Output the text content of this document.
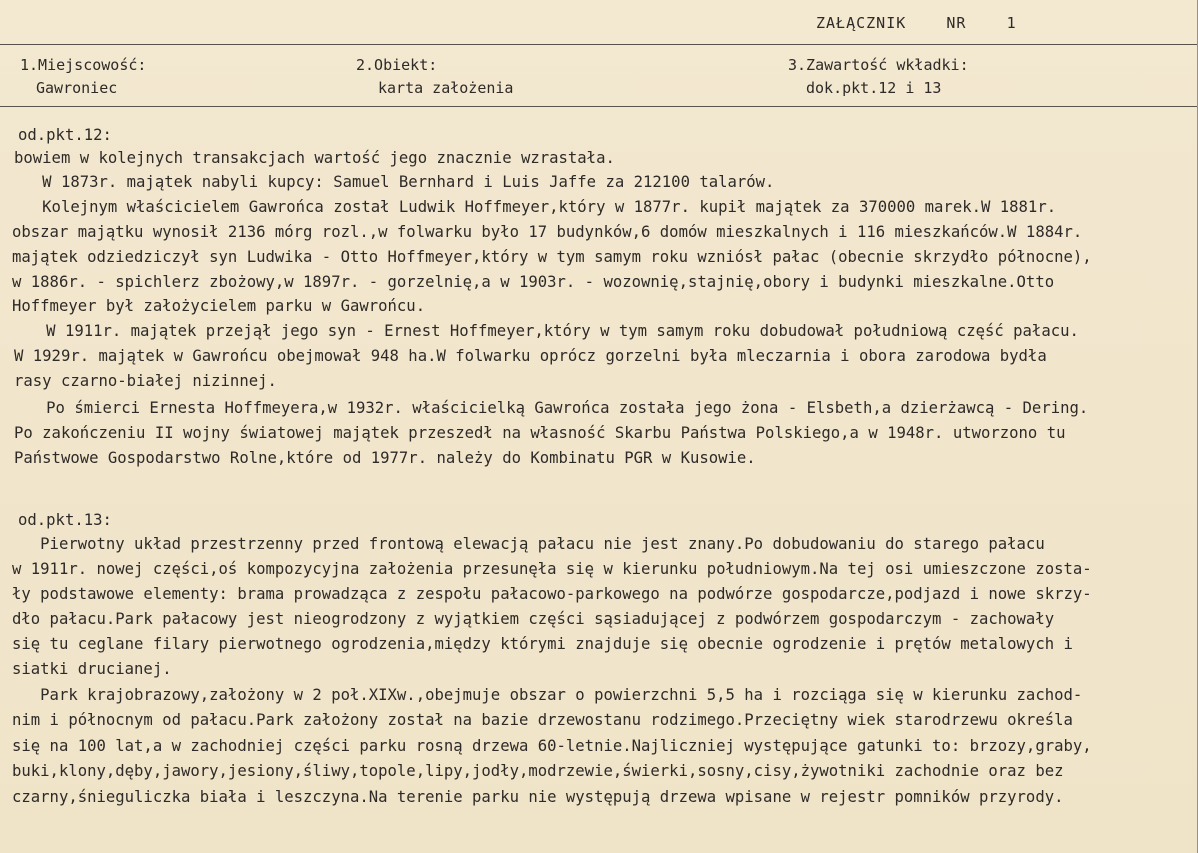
ZAŁĄCZNIK    NR    1
1.Miejscowość:
Gawroniec
2.Obiekt:
karta założenia
3.Zawartość wkładki:
dok.pkt.12 i 13
od.pkt.12:
bowiem w kolejnych transakcjach wartość jego znacznie wzrastała.
W 1873r. majątek nabyli kupcy: Samuel Bernhard i Luis Jaffe za 212100 talarów.
Kolejnym właścicielem Gawrońca został Ludwik Hoffmeyer,który w 1877r. kupił majątek za 370000 marek.W 1881r.
obszar majątku wynosił 2136 mórg rozl.,w folwarku było 17 budynków,6 domów mieszkalnych i 116 mieszkańców.W 1884r.
majątek odziedziczył syn Ludwika - Otto Hoffmeyer,który w tym samym roku wzniósł pałac (obecnie skrzydło północne),
w 1886r. - spichlerz zbożowy,w 1897r. - gorzelnię,a w 1903r. - wozownię,stajnię,obory i budynki mieszkalne.Otto
Hoffmeyer był założycielem parku w Gawrońcu.
W 1911r. majątek przejął jego syn - Ernest Hoffmeyer,który w tym samym roku dobudował południową część pałacu.
W 1929r. majątek w Gawrońcu obejmował 948 ha.W folwarku oprócz gorzelni była mleczarnia i obora zarodowa bydła
rasy czarno-białej nizinnej.
Po śmierci Ernesta Hoffmeyera,w 1932r. właścicielką Gawrońca została jego żona - Elsbeth,a dzierżawcą - Dering.
Po zakończeniu II wojny światowej majątek przeszedł na własność Skarbu Państwa Polskiego,a w 1948r. utworzono tu
Państwowe Gospodarstwo Rolne,które od 1977r. należy do Kombinatu PGR w Kusowie.
od.pkt.13:
Pierwotny układ przestrzenny przed frontową elewacją pałacu nie jest znany.Po dobudowaniu do starego pałacu
w 1911r. nowej części,oś kompozycyjna założenia przesunęła się w kierunku południowym.Na tej osi umieszczone zosta-
ły podstawowe elementy: brama prowadząca z zespołu pałacowo-parkowego na podwórze gospodarcze,podjazd i nowe skrzy-
dło pałacu.Park pałacowy jest nieogrodzony z wyjątkiem części sąsiadującej z podwórzem gospodarczym - zachowały
się tu ceglane filary pierwotnego ogrodzenia,między którymi znajduje się obecnie ogrodzenie i prętów metalowych i
siatki drucianej.
Park krajobrazowy,założony w 2 poł.XIXw.,obejmuje obszar o powierzchni 5,5 ha i rozciąga się w kierunku zachod-
nim i północnym od pałacu.Park założony został na bazie drzewostanu rodzimego.Przeciętny wiek starodrzewu określa
się na 100 lat,a w zachodniej części parku rosną drzewa 60-letnie.Najliczniej występujące gatunki to: brzozy,graby,
buki,klony,dęby,jawory,jesiony,śliwy,topole,lipy,jodły,modrzewie,świerki,sosny,cisy,żywotniki zachodnie oraz bez
czarny,śnieguliczka biała i leszczyna.Na terenie parku nie występują drzewa wpisane w rejestr pomników przyrody.
